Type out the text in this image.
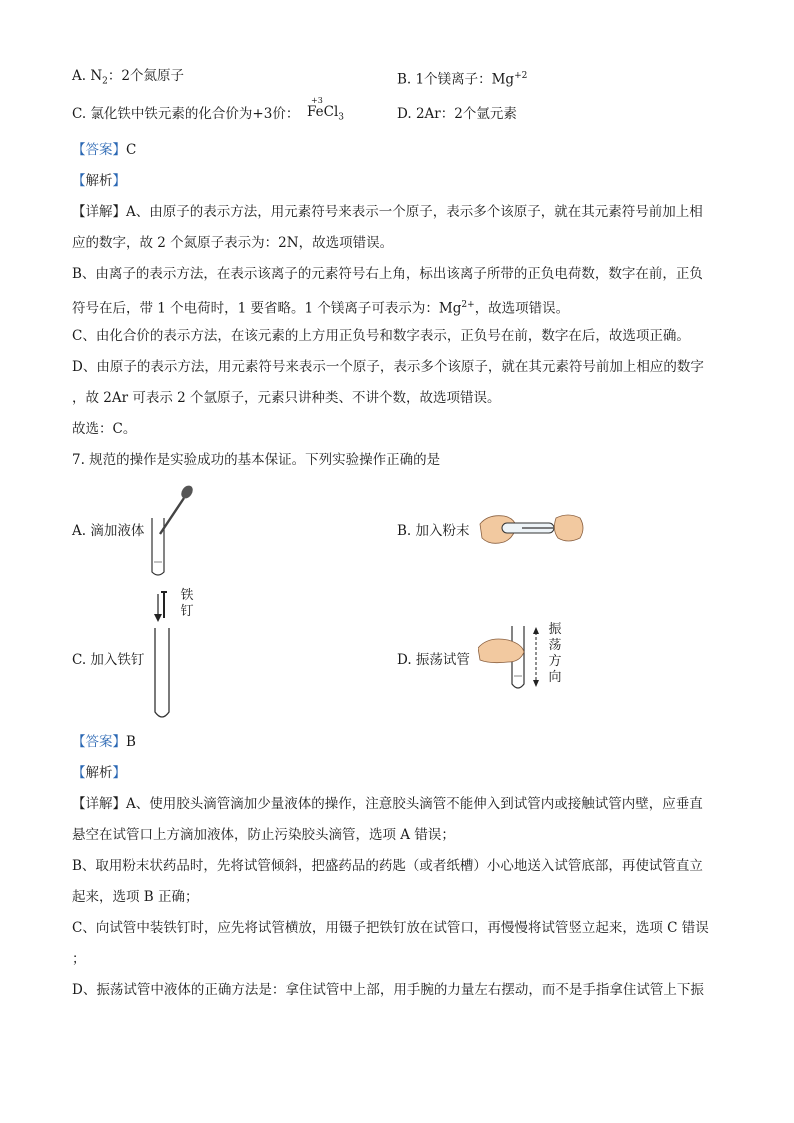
A. $N_2$：2个氮原子	B. 1个镁离子：$Mg^{+2}$
C. 氯化铁中铁元素的化合价为+3价：
+3
FeCl$_3$	D. 2Ar：2个氩元素
【答案】C
【解析】
【详解】A、由原子的表示方法，用元素符号来表示一个原子，表示多个该原子，就在其元素符号前加上相
应的数字，故 2 个氮原子表示为：2N，故选项错误。
B、由离子的表示方法，在表示该离子的元素符号右上角，标出该离子所带的正负电荷数，数字在前，正负
符号在后，带 1 个电荷时，1 要省略。1 个镁离子可表示为：$Mg^{2+}$，故选项错误。
C、由化合价的表示方法，在该元素的上方用正负号和数字表示，正负号在前，数字在后，故选项正确。
D、由原子的表示方法，用元素符号来表示一个原子，表示多个该原子，就在其元素符号前加上相应的数字
，故 2Ar 可表示 2 个氩原子，元素只讲种类、不讲个数，故选项错误。
故选：C。
7. 规范的操作是实验成功的基本保证。下列实验操作正确的是
A. 滴加液体	B. 加入粉末
铁
钉
C. 加入铁钉	D. 振荡试管
振
荡
方
向
【答案】B
【解析】
【详解】A、使用胶头滴管滴加少量液体的操作，注意胶头滴管不能伸入到试管内或接触试管内壁，应垂直
悬空在试管口上方滴加液体，防止污染胶头滴管，选项 A 错误；
B、取用粉末状药品时，先将试管倾斜，把盛药品的药匙（或者纸槽）小心地送入试管底部，再使试管直立
起来，选项 B 正确；
C、向试管中装铁钉时，应先将试管横放，用镊子把铁钉放在试管口，再慢慢将试管竖立起来，选项 C 错误
；
D、振荡试管中液体的正确方法是：拿住试管中上部，用手腕的力量左右摆动，而不是手指拿住试管上下振
